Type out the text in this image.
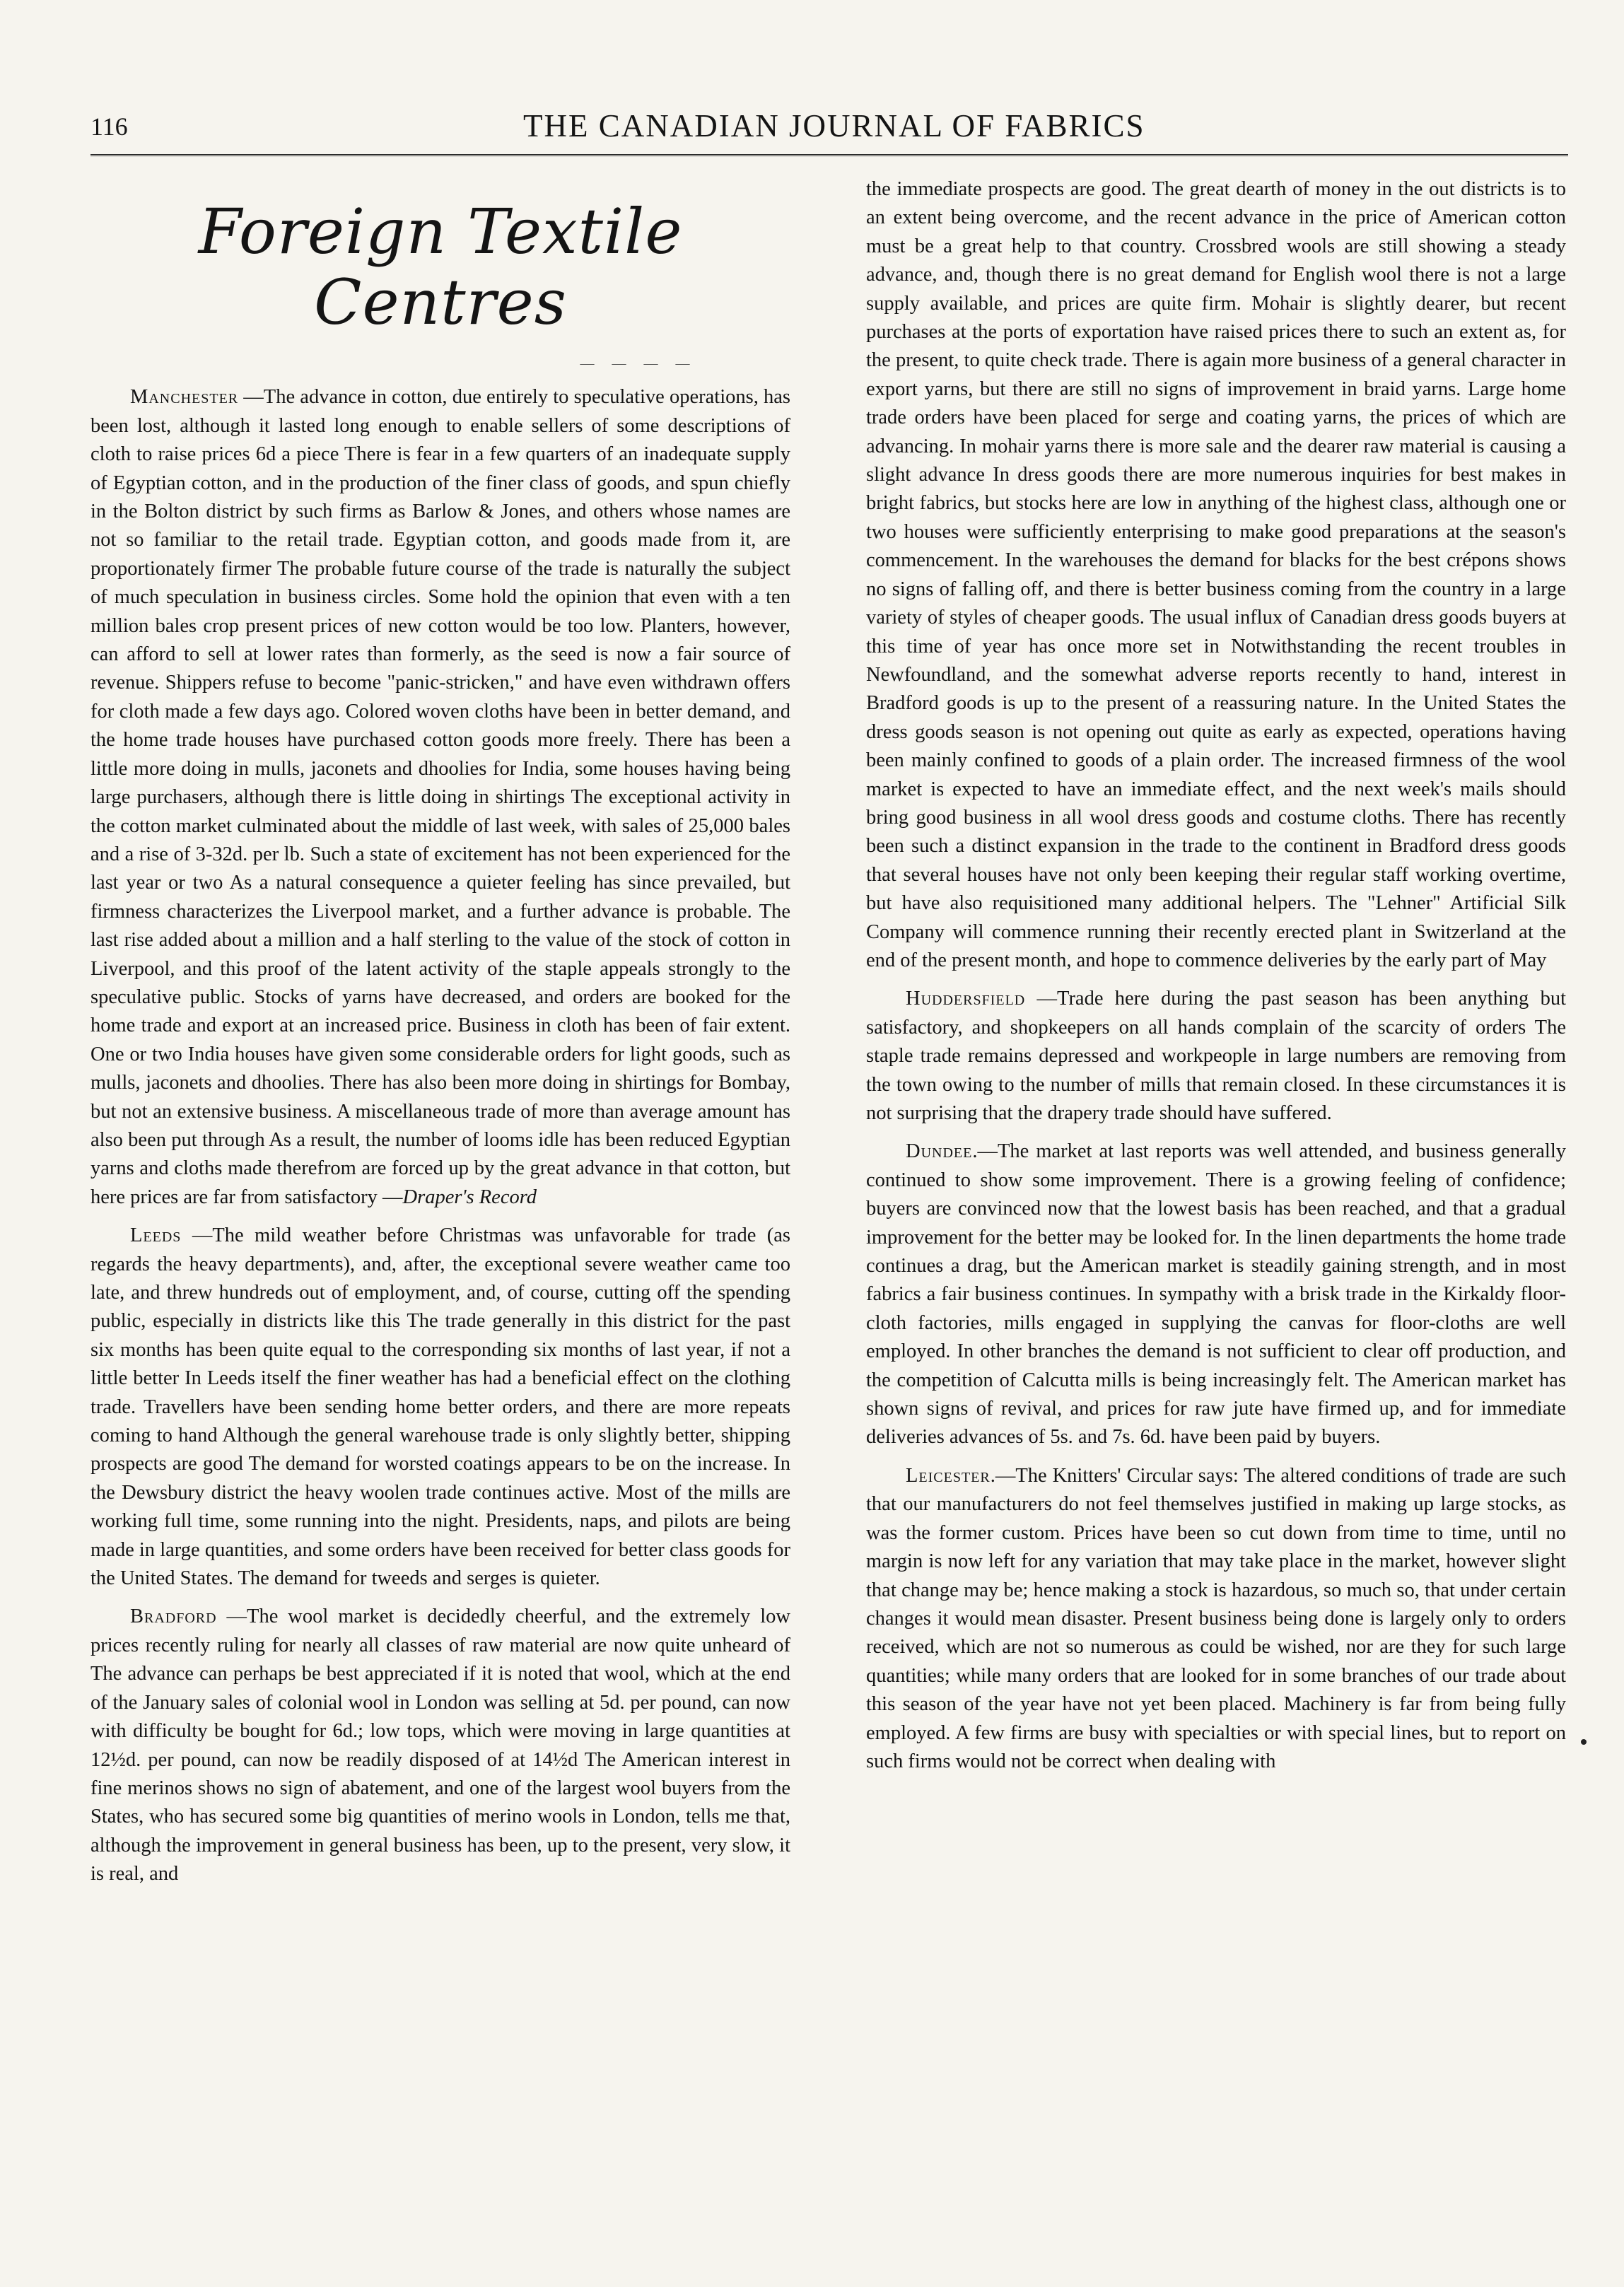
116	THE CANADIAN JOURNAL OF FABRICS
Foreign Textile Centres
— — — —

Manchester —The advance in cotton, due entirely to speculative operations, has been lost, although it lasted long enough to enable sellers of some descriptions of cloth to raise prices 6d a piece There is fear in a few quarters of an inadequate supply of Egyptian cotton, and in the production of the finer class of goods, and spun chiefly in the Bolton district by such firms as Barlow & Jones, and others whose names are not so familiar to the retail trade. Egyptian cotton, and goods made from it, are proportionately firmer The probable future course of the trade is naturally the subject of much speculation in business circles. Some hold the opinion that even with a ten million bales crop present prices of new cotton would be too low. Planters, however, can afford to sell at lower rates than formerly, as the seed is now a fair source of revenue. Shippers refuse to become "panic-stricken," and have even withdrawn offers for cloth made a few days ago. Colored woven cloths have been in better demand, and the home trade houses have purchased cotton goods more freely. There has been a little more doing in mulls, jaconets and dhoolies for India, some houses having being large purchasers, although there is little doing in shirtings The exceptional activity in the cotton market culminated about the middle of last week, with sales of 25,000 bales and a rise of 3-32d. per lb. Such a state of excitement has not been experienced for the last year or two As a natural consequence a quieter feeling has since prevailed, but firmness characterizes the Liverpool market, and a further advance is probable. The last rise added about a million and a half sterling to the value of the stock of cotton in Liverpool, and this proof of the latent activity of the staple appeals strongly to the speculative public. Stocks of yarns have decreased, and orders are booked for the home trade and export at an increased price. Business in cloth has been of fair extent. One or two India houses have given some considerable orders for light goods, such as mulls, jaconets and dhoolies. There has also been more doing in shirtings for Bombay, but not an extensive business. A miscellaneous trade of more than average amount has also been put through As a result, the number of looms idle has been reduced Egyptian yarns and cloths made therefrom are forced up by the great advance in that cotton, but here prices are far from satisfactory —Draper's Record

Leeds —The mild weather before Christmas was unfavorable for trade (as regards the heavy departments), and, after, the exceptional severe weather came too late, and threw hundreds out of employment, and, of course, cutting off the spending public, especially in districts like this The trade generally in this district for the past six months has been quite equal to the corresponding six months of last year, if not a little better In Leeds itself the finer weather has had a beneficial effect on the clothing trade. Travellers have been sending home better orders, and there are more repeats coming to hand Although the general warehouse trade is only slightly better, shipping prospects are good The demand for worsted coatings appears to be on the increase. In the Dewsbury district the heavy woolen trade continues active. Most of the mills are working full time, some running into the night. Presidents, naps, and pilots are being made in large quantities, and some orders have been received for better class goods for the United States. The demand for tweeds and serges is quieter.

Bradford —The wool market is decidedly cheerful, and the extremely low prices recently ruling for nearly all classes of raw material are now quite unheard of The advance can perhaps be best appreciated if it is noted that wool, which at the end of the January sales of colonial wool in London was selling at 5d. per pound, can now with difficulty be bought for 6d.; low tops, which were moving in large quantities at 12½d. per pound, can now be readily disposed of at 14½d The American interest in fine merinos shows no sign of abatement, and one of the largest wool buyers from the States, who has secured some big quantities of merino wools in London, tells me that, although the improvement in general business has been, up to the present, very slow, it is real, and

the immediate prospects are good. The great dearth of money in the out districts is to an extent being overcome, and the recent advance in the price of American cotton must be a great help to that country. Crossbred wools are still showing a steady advance, and, though there is no great demand for English wool there is not a large supply available, and prices are quite firm. Mohair is slightly dearer, but recent purchases at the ports of exportation have raised prices there to such an extent as, for the present, to quite check trade. There is again more business of a general character in export yarns, but there are still no signs of improvement in braid yarns. Large home trade orders have been placed for serge and coating yarns, the prices of which are advancing. In mohair yarns there is more sale and the dearer raw material is causing a slight advance In dress goods there are more numerous inquiries for best makes in bright fabrics, but stocks here are low in anything of the highest class, although one or two houses were sufficiently enterprising to make good preparations at the season's commencement. In the warehouses the demand for blacks for the best crépons shows no signs of falling off, and there is better business coming from the country in a large variety of styles of cheaper goods. The usual influx of Canadian dress goods buyers at this time of year has once more set in Notwithstanding the recent troubles in Newfoundland, and the somewhat adverse reports recently to hand, interest in Bradford goods is up to the present of a reassuring nature. In the United States the dress goods season is not opening out quite as early as expected, operations having been mainly confined to goods of a plain order. The increased firmness of the wool market is expected to have an immediate effect, and the next week's mails should bring good business in all wool dress goods and costume cloths. There has recently been such a distinct expansion in the trade to the continent in Bradford dress goods that several houses have not only been keeping their regular staff working overtime, but have also requisitioned many additional helpers. The "Lehner" Artificial Silk Company will commence running their recently erected plant in Switzerland at the end of the present month, and hope to commence deliveries by the early part of May

Huddersfield —Trade here during the past season has been anything but satisfactory, and shopkeepers on all hands complain of the scarcity of orders The staple trade remains depressed and workpeople in large numbers are removing from the town owing to the number of mills that remain closed. In these circumstances it is not surprising that the drapery trade should have suffered.

Dundee.—The market at last reports was well attended, and business generally continued to show some improvement. There is a growing feeling of confidence; buyers are convinced now that the lowest basis has been reached, and that a gradual improvement for the better may be looked for. In the linen departments the home trade continues a drag, but the American market is steadily gaining strength, and in most fabrics a fair business continues. In sympathy with a brisk trade in the Kirkaldy floor-cloth factories, mills engaged in supplying the canvas for floor-cloths are well employed. In other branches the demand is not sufficient to clear off production, and the competition of Calcutta mills is being increasingly felt. The American market has shown signs of revival, and prices for raw jute have firmed up, and for immediate deliveries advances of 5s. and 7s. 6d. have been paid by buyers.

Leicester.—The Knitters' Circular says: The altered conditions of trade are such that our manufacturers do not feel themselves justified in making up large stocks, as was the former custom. Prices have been so cut down from time to time, until no margin is now left for any variation that may take place in the market, however slight that change may be; hence making a stock is hazardous, so much so, that under certain changes it would mean disaster. Present business being done is largely only to orders received, which are not so numerous as could be wished, nor are they for such large quantities; while many orders that are looked for in some branches of our trade about this season of the year have not yet been placed. Machinery is far from being fully employed. A few firms are busy with specialties or with special lines, but to report on such firms would not be correct when dealing with
